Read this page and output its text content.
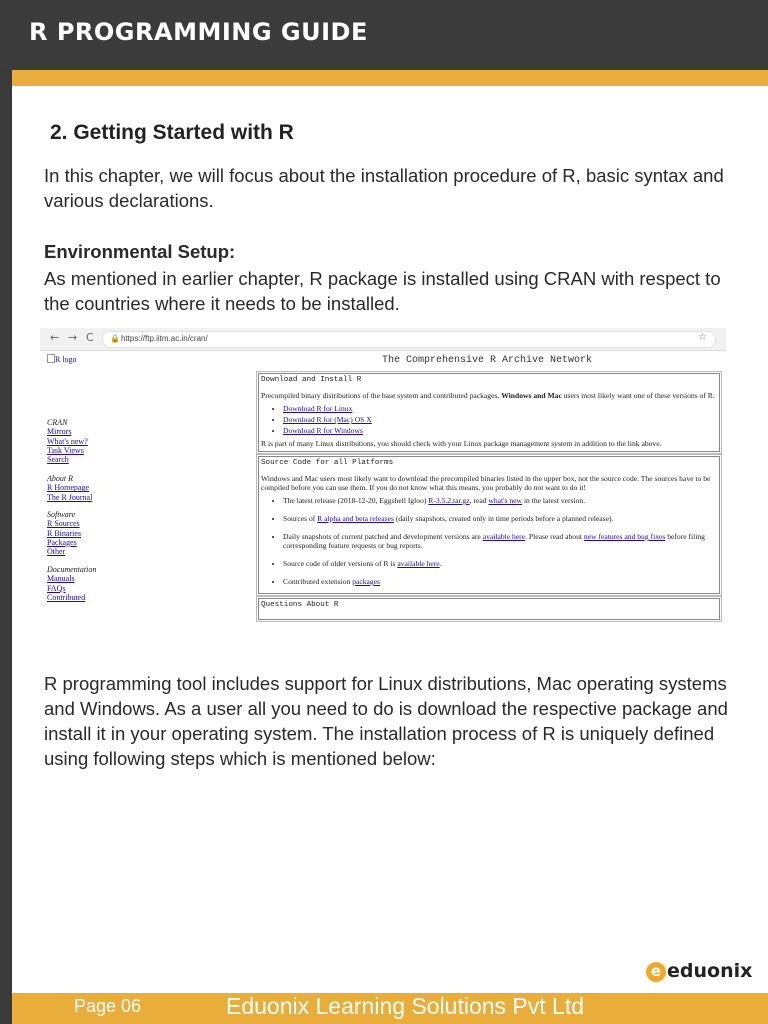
R PROGRAMMING GUIDE
2. Getting Started with R
In this chapter, we will focus about the installation procedure of R, basic syntax and various declarations.
Environmental Setup:
As mentioned in earlier chapter, R package is installed using CRAN with respect to the countries where it needs to be installed.
← → C 🔒 https://ftp.iitm.ac.in/cran/	☆
R logo	The Comprehensive R Archive Network
CRAN
Mirrors
What's new?
Task Views
Search
About R
R Homepage
The R Journal
Software
R Sources
R Binaries
Packages
Other
Documentation
Manuals
FAQs
Contributed
Download and Install R

Precompiled binary distributions of the base system and contributed packages, Windows and Mac users most likely want one of these versions of R:

• Download R for Linux
• Download R for (Mac) OS X
• Download R for Windows

R is part of many Linux distributions, you should check with your Linux package management system in addition to the link above.

Source Code for all Platforms

Windows and Mac users most likely want to download the precompiled binaries listed in the upper box, not the source code. The sources have to be compiled before you can use them. If you do not know what this means, you probably do not want to do it!

• The latest release (2018-12-20, Eggshell Igloo) R-3.5.2.tar.gz, read what's new in the latest version.
• Sources of R alpha and beta releases (daily snapshots, created only in time periods before a planned release).
• Daily snapshots of current patched and development versions are available here. Please read about new features and bug fixes before filing corresponding feature requests or bug reports.
• Source code of older versions of R is available here.
• Contributed extension packages
Questions About R
R programming tool includes support for Linux distributions, Mac operating systems and Windows. As a user all you need to do is download the respective package and install it in your operating system. The installation process of R is uniquely defined using following steps which is mentioned below:
e eduonix
Page 06	Eduonix Learning Solutions Pvt Ltd
